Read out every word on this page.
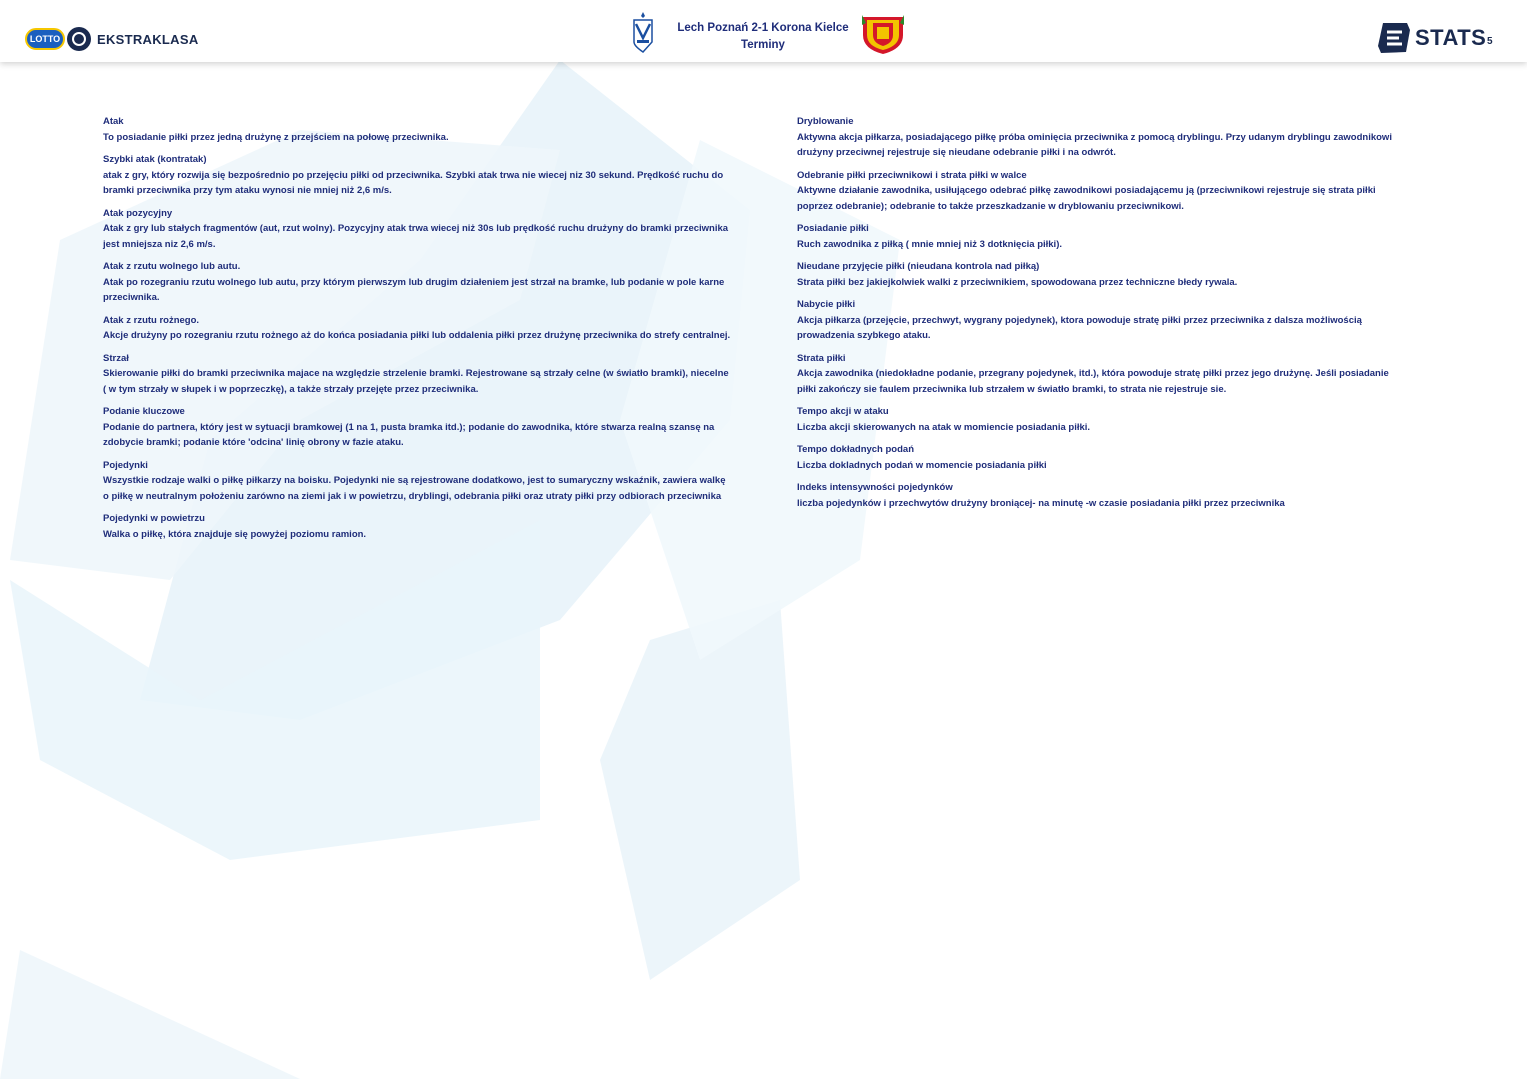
LOTTO	EKSTRAKLASA
Lech Poznań 2-1 Korona Kielce
Terminy	STATS 5
Atak
To posiadanie piłki przez jedną drużynę z przejściem na połowę przeciwnika.
Szybki atak (kontratak)
atak z gry, który rozwija się bezpośrednio po przejęciu piłki od przeciwnika. Szybki atak trwa nie wiecej niz 30 sekund. Prędkość ruchu do bramki przeciwnika przy tym ataku wynosi nie mniej niż 2,6 m/s.
Atak pozycyjny
Atak z gry lub stałych fragmentów (aut, rzut wolny). Pozycyjny atak trwa wiecej niż 30s lub prędkość ruchu drużyny do bramki przeciwnika jest mniejsza niz 2,6 m/s.
Atak z rzutu wolnego lub autu.
Atak po rozegraniu rzutu wolnego lub autu, przy którym pierwszym lub drugim działeniem jest strzał na bramke, lub podanie w pole karne przeciwnika.
Atak z rzutu rożnego.
Akcje drużyny po rozegraniu rzutu rożnego aż do końca posiadania piłki lub oddalenia piłki przez drużynę przeciwnika do strefy centralnej.
Strzał
Skierowanie piłki do bramki przeciwnika majace na względzie strzelenie bramki. Rejestrowane są strzały celne (w światło bramki), niecelne ( w tym strzały w słupek i w poprzeczkę), a także strzały przejęte przez przeciwnika.
Podanie kluczowe
Podanie do partnera, który jest w sytuacji bramkowej (1 na 1, pusta bramka itd.); podanie do zawodnika, które stwarza realną szansę na zdobycie bramki; podanie które 'odcina' linię obrony w fazie ataku.
Pojedynki
Wszystkie rodzaje walki o piłkę piłkarzy na boisku. Pojedynki nie są rejestrowane dodatkowo, jest to sumaryczny wskaźnik, zawiera walkę o piłkę w neutralnym położeniu zarówno na ziemi jak i w powietrzu, dryblingi, odebrania piłki oraz utraty piłki przy odbiorach przeciwnika
Pojedynki w powietrzu
Walka o piłkę, która znajduje się powyżej poziomu ramion.
Dryblowanie
Aktywna akcja piłkarza, posiadającego piłkę próba ominięcia przeciwnika z pomocą dryblingu. Przy udanym dryblingu zawodnikowi drużyny przeciwnej rejestruje się nieudane odebranie piłki i na odwrót.
Odebranie piłki przeciwnikowi i strata piłki w walce
Aktywne działanie zawodnika, usiłującego odebrać piłkę zawodnikowi posiadającemu ją (przeciwnikowi rejestruje się strata piłki poprzez odebranie); odebranie to także przeszkadzanie w dryblowaniu przeciwnikowi.
Posiadanie piłki
Ruch zawodnika z piłką ( mnie mniej niż 3 dotknięcia piłki).
Nieudane przyjęcie piłki (nieudana kontrola nad piłką)
Strata piłki bez jakiejkolwiek walki z przeciwnikiem, spowodowana przez techniczne błedy rywala.
Nabycie piłki
Akcja piłkarza (przejęcie, przechwyt, wygrany pojedynek), ktora powoduje stratę piłki przez przeciwnika z dalsza możliwością prowadzenia szybkego ataku.
Strata piłki
Akcja zawodnika (niedokładne podanie, przegrany pojedynek, itd.), która powoduje stratę piłki przez jego drużynę. Jeśli posiadanie piłki zakończy sie faulem przeciwnika lub strzałem w światło bramki, to strata nie rejestruje sie.
Tempo akcji w ataku
Liczba akcji skierowanych na atak w momiencie posiadania piłki.
Tempo dokładnych podań
Liczba dokladnych podań w momencie posiadania piłki
Indeks intensywności pojedynków
liczba pojedynków i przechwytów drużyny broniącej- na minutę -w czasie posiadania piłki przez przeciwnika
